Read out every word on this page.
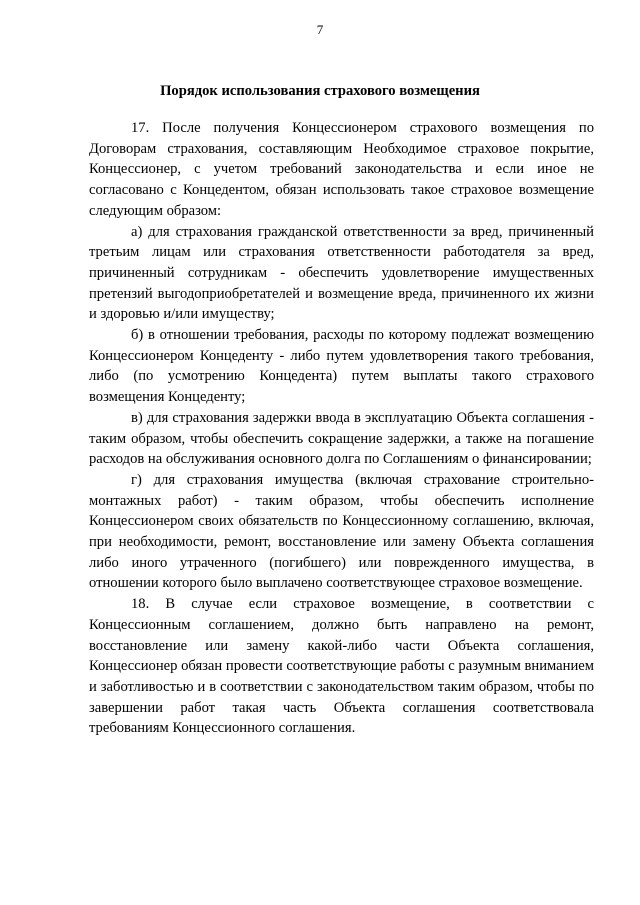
7
Порядок использования страхового возмещения

17. После получения Концессионером страхового возмещения по Договорам страхования, составляющим Необходимое страховое покрытие, Концессионер, с учетом требований законодательства и если иное не согласовано с Концедентом, обязан использовать такое страховое возмещение следующим образом:

а) для страхования гражданской ответственности за вред, причиненный третьим лицам или страхования ответственности работодателя за вред, причиненный сотрудникам - обеспечить удовлетворение имущественных претензий выгодоприобретателей и возмещение вреда, причиненного их жизни и здоровью и/или имуществу;

б) в отношении требования, расходы по которому подлежат возмещению Концессионером Концеденту - либо путем удовлетворения такого требования, либо (по усмотрению Концедента) путем выплаты такого страхового возмещения Концеденту;

в) для страхования задержки ввода в эксплуатацию Объекта соглашения - таким образом, чтобы обеспечить сокращение задержки, а также на погашение расходов на обслуживания основного долга по Соглашениям о финансировании;

г) для страхования имущества (включая страхование строительно-монтажных работ) - таким образом, чтобы обеспечить исполнение Концессионером своих обязательств по Концессионному соглашению, включая, при необходимости, ремонт, восстановление или замену Объекта соглашения либо иного утраченного (погибшего) или поврежденного имущества, в отношении которого было выплачено соответствующее страховое возмещение.

18. В случае если страховое возмещение, в соответствии с Концессионным соглашением, должно быть направлено на ремонт, восстановление или замену какой-либо части Объекта соглашения, Концессионер обязан провести соответствующие работы с разумным вниманием и заботливостью и в соответствии с законодательством таким образом, чтобы по завершении работ такая часть Объекта соглашения соответствовала требованиям Концессионного соглашения.
